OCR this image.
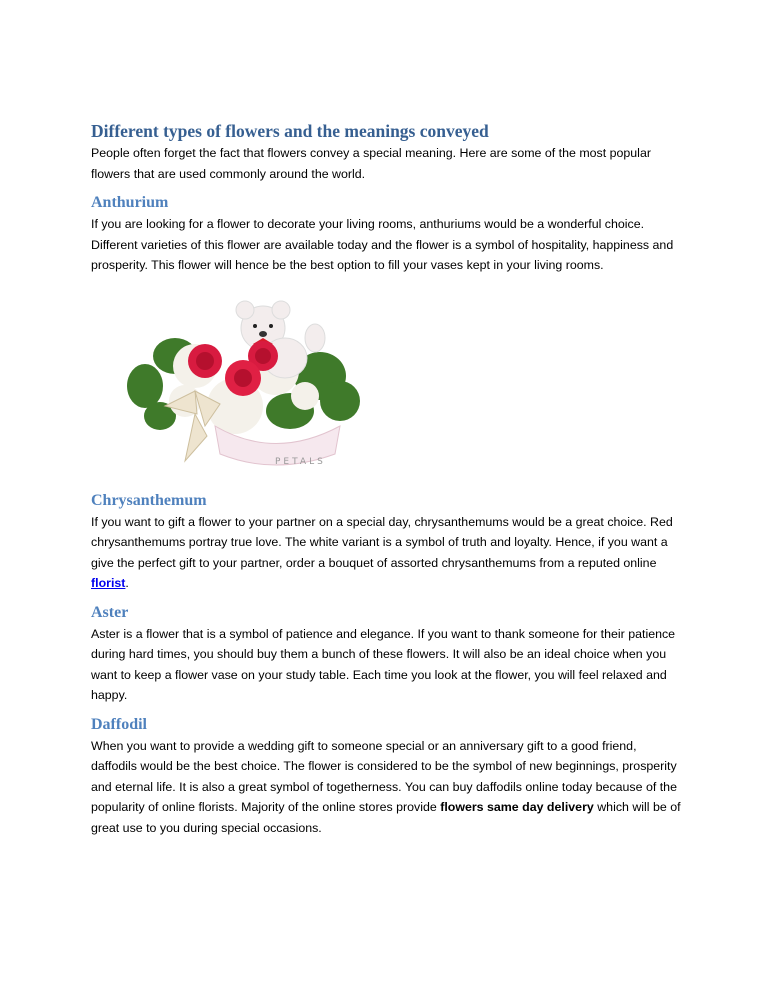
Different types of flowers and the meanings conveyed

People often forget the fact that flowers convey a special meaning. Here are some of the most popular flowers that are used commonly around the world.

Anthurium

If you are looking for a flower to decorate your living rooms, anthuriums would be a wonderful choice. Different varieties of this flower are available today and the flower is a symbol of hospitality, happiness and prosperity. This flower will hence be the best option to fill your vases kept in your living rooms.

PETALS
Chrysanthemum

If you want to gift a flower to your partner on a special day, chrysanthemums would be a great choice. Red chrysanthemums portray true love. The white variant is a symbol of truth and loyalty. Hence, if you want a give the perfect gift to your partner, order a bouquet of assorted chrysanthemums from a reputed online florist.

Aster

Aster is a flower that is a symbol of patience and elegance. If you want to thank someone for their patience during hard times, you should buy them a bunch of these flowers. It will also be an ideal choice when you want to keep a flower vase on your study table. Each time you look at the flower, you will feel relaxed and happy.

Daffodil

When you want to provide a wedding gift to someone special or an anniversary gift to a good friend, daffodils would be the best choice. The flower is considered to be the symbol of new beginnings, prosperity and eternal life. It is also a great symbol of togetherness. You can buy daffodils online today because of the popularity of online florists. Majority of the online stores provide flowers same day delivery which will be of great use to you during special occasions.
